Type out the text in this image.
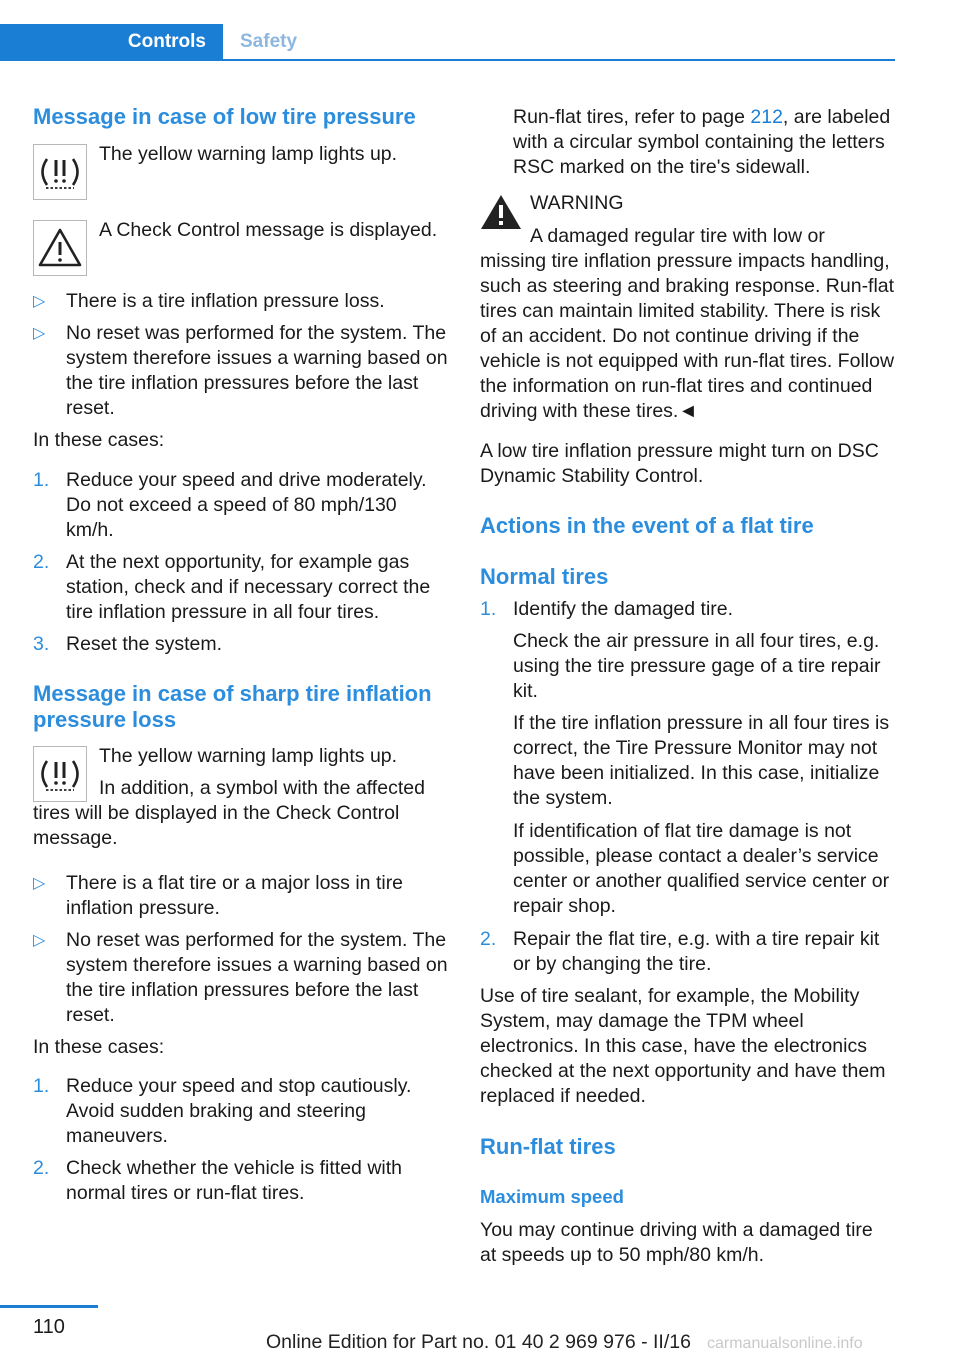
Controls	Safety
Message in case of low tire pressure

The yellow warning lamp lights up.

A Check Control message is displayed.

▷ There is a tire inflation pressure loss.
▷ No reset was performed for the system. The system therefore issues a warning based on the tire inflation pressures before the last reset.

In these cases:

1. Reduce your speed and drive moderately. Do not exceed a speed of 80 mph/130 km/h.
2. At the next opportunity, for example gas station, check and if necessary correct the tire inflation pressure in all four tires.
3. Reset the system.
Message in case of sharp tire inflation pressure loss

The yellow warning lamp lights up.

In addition, a symbol with the affected tires will be displayed in the Check Control message.

▷ There is a flat tire or a major loss in tire inflation pressure.
▷ No reset was performed for the system. The system therefore issues a warning based on the tire inflation pressures before the last reset.

In these cases:

1. Reduce your speed and stop cautiously. Avoid sudden braking and steering maneuvers.
2. Check whether the vehicle is fitted with normal tires or run-flat tires.

Run-flat tires, refer to page 212, are labeled with a circular symbol containing the letters RSC marked on the tire's sidewall.

WARNING

A damaged regular tire with low or missing tire inflation pressure impacts handling, such as steering and braking response. Run-flat tires can maintain limited stability. There is risk of an accident. Do not continue driving if the vehicle is not equipped with run-flat tires. Follow the information on run-flat tires and continued driving with these tires.◄

A low tire inflation pressure might turn on DSC Dynamic Stability Control.

Actions in the event of a flat tire
Normal tires
1. Identify the damaged tire.

Check the air pressure in all four tires, e.g. using the tire pressure gage of a tire repair kit.

If the tire inflation pressure in all four tires is correct, the Tire Pressure Monitor may not have been initialized. In this case, initialize the system.

If identification of flat tire damage is not possible, please contact a dealer’s service center or another qualified service center or repair shop.

2. Repair the flat tire, e.g. with a tire repair kit or by changing the tire.

Use of tire sealant, for example, the Mobility System, may damage the TPM wheel electronics. In this case, have the electronics checked at the next opportunity and have them replaced if needed.

Run-flat tires
Maximum speed

You may continue driving with a damaged tire at speeds up to 50 mph/80 km/h.

110
Online Edition for Part no. 01 40 2 969 976 - II/16 carmanualsonline.info
